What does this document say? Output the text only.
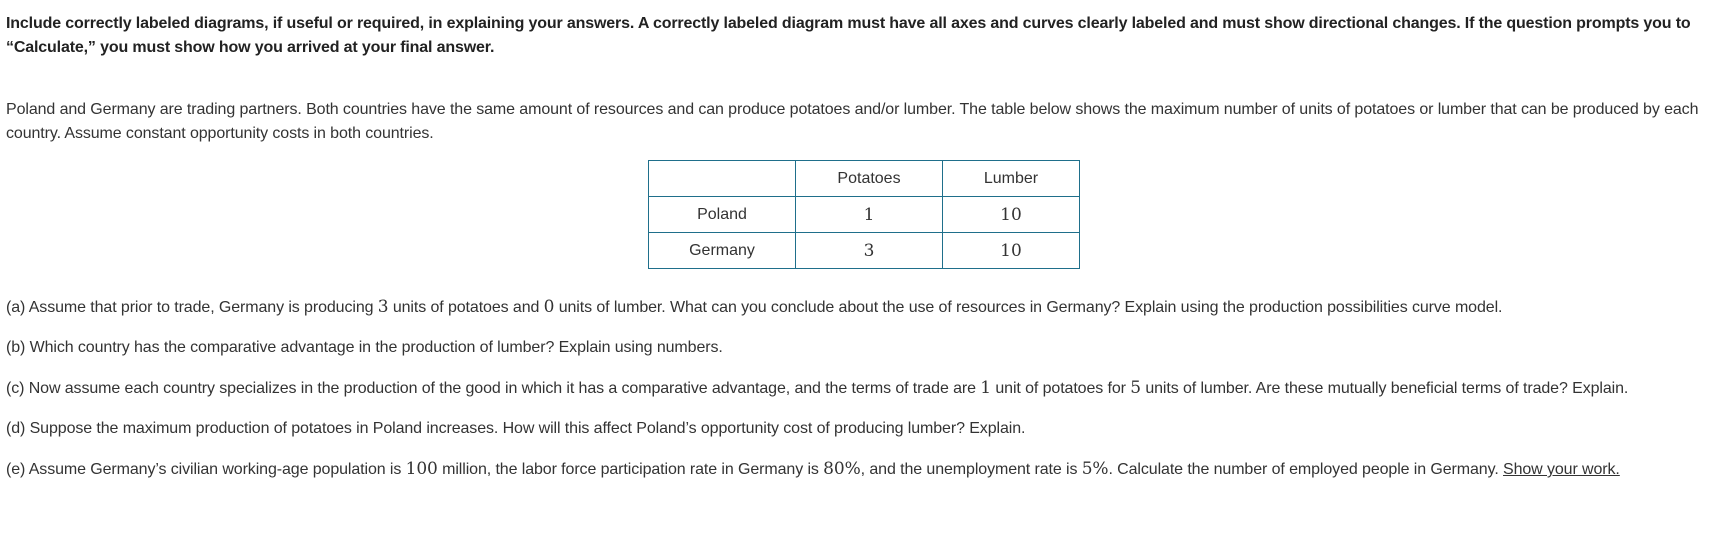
Include correctly labeled diagrams, if useful or required, in explaining your answers. A correctly labeled diagram must have all axes and curves clearly labeled and must show directional changes. If the question prompts you to “Calculate,” you must show how you arrived at your final answer.

Poland and Germany are trading partners. Both countries have the same amount of resources and can produce potatoes and/or lumber. The table below shows the maximum number of units of potatoes or lumber that can be produced by each country. Assume constant opportunity costs in both countries.

	Potatoes	Lumber
Poland	1	10
Germany	3	10

(a) Assume that prior to trade, Germany is producing 3 units of potatoes and 0 units of lumber. What can you conclude about the use of resources in Germany? Explain using the production possibilities curve model.

(b) Which country has the comparative advantage in the production of lumber? Explain using numbers.

(c) Now assume each country specializes in the production of the good in which it has a comparative advantage, and the terms of trade are 1 unit of potatoes for 5 units of lumber. Are these mutually beneficial terms of trade? Explain.

(d) Suppose the maximum production of potatoes in Poland increases. How will this affect Poland’s opportunity cost of producing lumber? Explain.

(e) Assume Germany’s civilian working-age population is 100 million, the labor force participation rate in Germany is 80%, and the unemployment rate is 5%. Calculate the number of employed people in Germany. Show your work.
